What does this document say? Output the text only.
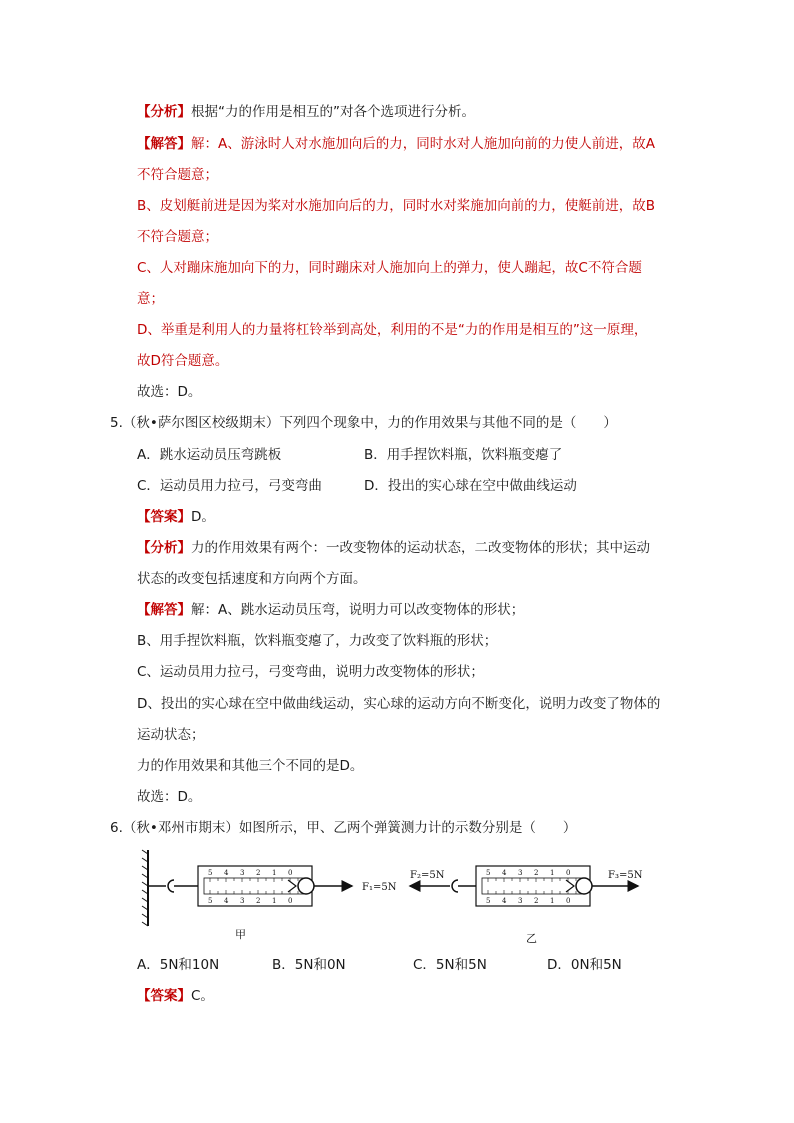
【分析】根据“力的作用是相互的”对各个选项进行分析。
【解答】解：A、游泳时人对水施加向后的力，同时水对人施加向前的力使人前进，故A
不符合题意；
B、皮划艇前进是因为桨对水施加向后的力，同时水对桨施加向前的力，使艇前进，故B
不符合题意；
C、人对蹦床施加向下的力，同时蹦床对人施加向上的弹力，使人蹦起，故C不符合题
意；
D、举重是利用人的力量将杠铃举到高处，利用的不是“力的作用是相互的”这一原理，
故D符合题意。
故选：D。
5.（秋•萨尔图区校级期末）下列四个现象中，力的作用效果与其他不同的是（　　）
A．跳水运动员压弯跳板	B．用手捏饮料瓶，饮料瓶变瘪了
C．运动员用力拉弓，弓变弯曲	D．投出的实心球在空中做曲线运动
【答案】D。
【分析】力的作用效果有两个：一改变物体的运动状态，二改变物体的形状；其中运动
状态的改变包括速度和方向两个方面。
【解答】解：A、跳水运动员压弯，说明力可以改变物体的形状；
B、用手捏饮料瓶，饮料瓶变瘪了，力改变了饮料瓶的形状；
C、运动员用力拉弓，弓变弯曲，说明力改变物体的形状；
D、投出的实心球在空中做曲线运动，实心球的运动方向不断变化，说明力改变了物体的
运动状态；
力的作用效果和其他三个不同的是D。
故选：D。
6.（秋•邓州市期末）如图所示，甲、乙两个弹簧测力计的示数分别是（　　）
5 4 3 2 1 0
5 4 3 2 1 0
F₁=5N
5 4 3 2 1 0
5 4 3 2 1 0
F₂=5N	F₃=5N
甲	乙
A．5N和10N	B．5N和0N	C．5N和5N	D．0N和5N
【答案】C。
